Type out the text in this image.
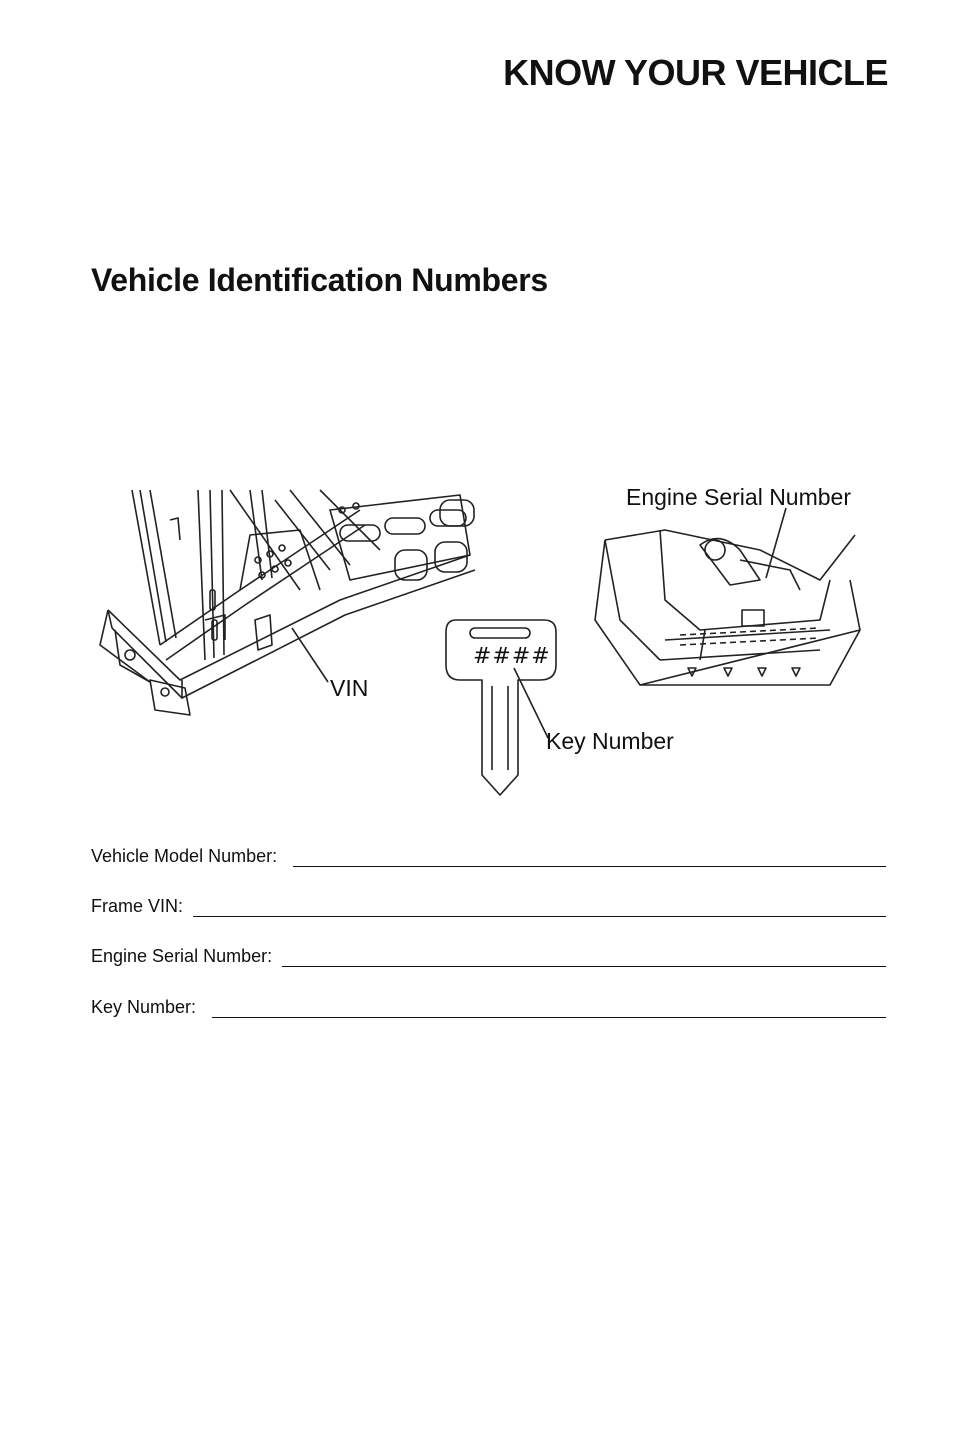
KNOW YOUR VEHICLE
Vehicle Identification Numbers
VIN
Engine Serial Number
Key Number
####
Vehicle Model Number:
Frame VIN:
Engine Serial Number:
Key Number:
